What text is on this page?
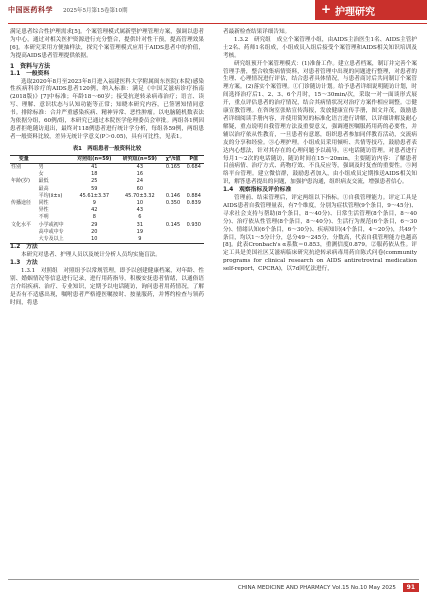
中国医药科学 2025年5月第15卷第10期	+ 护理研究

满足患者综合性护理需求[5]。个案管理模式属新型护理管理方案，强调以患者为中心，通过对相关医护资源进行充分整合，提供针对性干预，提高管理效果[6]。本研究采用方便抽样法，探究个案管理模式应用于AIDS患者中的价值，为提高AIDS患者管理提供依据。

1　资料与方法
1.1　一般资料

选取2020年8月至2023年8月进入福建医科大学附属闽东医院(本院)感染性疾病科诊疗的AIDS患者120例，纳入标准：满足《中国艾滋病诊疗指南(2018版)》[7]中标准；年龄18～60岁；接受抗逆转录病毒治疗；语言、读写、理解、意识状态与认知功能等正常；知晓本研究内容，已签署知情同意书。排除标准：合并严重感染疾病、精神异常、恶性肿瘤。以电脑随机数表法为依据分组，60例/组，本研究已通过本院医学伦理委员会审批。两组各1例因患者拒绝随访退出，最终对118例患者进行统计学分析，每组各59例，两组患者一般资料比较，差异无统计学意义(P＞0.05)，具有可比性，见表1。

表1　两组患者一般资料比较
变量		对照组(n=59)	研究组(n=59)	χ²/t值	P值
性别	男	41	43	0.165	0.684
	女	18	16		
年龄(岁)	最低	25	24		
	最高	59	60		
	平均(x̄±s)	45.61±3.37	45.70±3.32	0.146	0.884
传播途径	同性	9	10	0.350	0.839
	异性	42	43		
	不明	8	6		
文化水平	小学或初中	29	31	0.145	0.930
	高中或中专	20	19		
	大专及以上	10	9		
1.2　方法

本研究对患者、护理人员以及统计分析人员均实施盲法。

1.3　方法

1.3.1　对照组　对照组予以常规管理，即予以创建健康档案，对年龄、性别、婚姻情况等信息进行记录，进行用药指导，积极安抚患者情绪，以通俗语言介绍疾病、治疗、专业知识，定期予以电话随访，询问患者用药情况，了解是否有不适感出现，嘱咐患者严格遵医嘱按时、按量服药，并博约检查与领药时间，将患

者最新检查结果详细告知。

1.3.2　研究组　成立个案管理小组，由AIDS主治医生1名、AIDS主管护士2名、药师1名组成，小组成员入组后接受个案管理和AIDS相关知识培训及考核。

研究组预开个案管理模式：(1)准备工作。建立患者档案，制订并完善个案管理手册，整合收集病情资料，对患者管理中出现的问题进行整理，对患者的生理、心理情况进行评估，结合患者具体情况，与患者商讨后共同制订个案管理方案。(2)落实个案管理。①门诊随访计划。给予患者详细说明随访计划，时间选择治疗后1、2、3、6个月时，15～30min/次，采取一对一面谈形式展开，重点评估患者的治疗情况，结合其病情状况对治疗方案作相应调整。②健康宣教管理。在咨询室张贴宣传海报，发放健康宣传手册，图文并茂，鼓励患者详细阅读手册内容，并使用简短的标准化语言进行讲解，以详细讲解及耐心解疑，重点说明自我管理方法及重要意义，强调遵医嘱服药用药的必要性，并辅以治疗依从性教育，一旦患者有意愿，组织患者参加同伴教育活动，交流病友的分享和经验。③心理护理。小组成员采用倾听、共情等技巧，鼓励患者表达内心想法，针对其存在的心理问题予以疏导。④电话随访管理。对患者进行每月1～2次的电话随访，随访时间在15～20min，主要随访内容：了解患者目前病情、治疗方式、药物疗效、不良反应等，强调及时复查的重要性。⑤网络平台管理。建立微信群，鼓励患者加入，由小组成员定期推送AIDS相关知识，解答患者提出的问题，加强护患沟通，组织病友交流，增强患者信心。

1.4　观察指标及评价标准

管理前、结束管理后，评定两组以下指标。①自我管理能力。评定工具是AIDS患者自我管理量表，有7个维度，分别为症状管理(9个条目，9～45分)、寻求社会支持与帮助(8个条目，8～40分)、日常生活管理(8个条目，8～40分)、治疗依从性管理(8个条目，8～40分)、生活行为规范(6个条目，6～30分)、情绪认知(6个条目，6～30分)、疾病知识(4个条目，4～20分)，共49个条目，均以1～5分计分，总分49～245分，分数高，代表自我管理能力也越高[8]。此表Cronbach's α系数＝0.853，重测信度0.879。②服药依从性。评定工具是美国社区艾滋病临床研究抗逆转录病毒用药自陈式问卷(community programs for clinical research on AIDS antiretroviral medication self-report，CPCRA)，以7d回忆法进行，

CHINA MEDICINE AND PHARMACY Vol.15 No.10 May 2025 91
